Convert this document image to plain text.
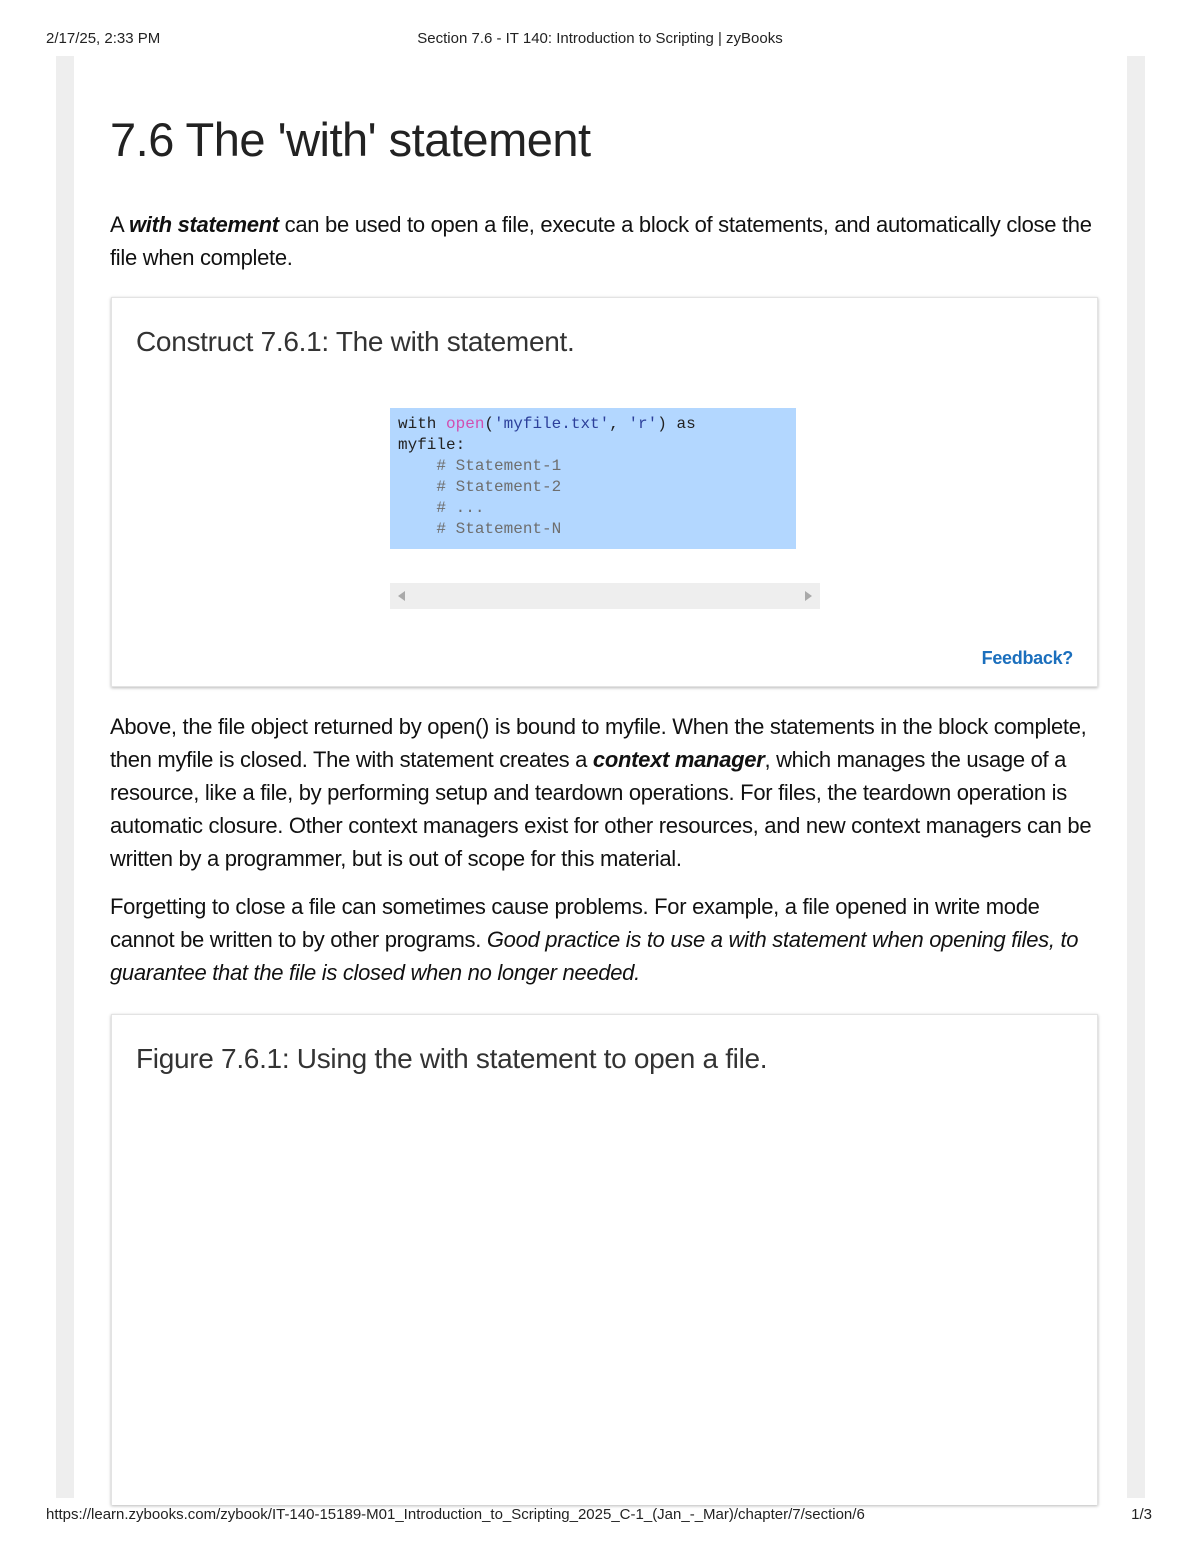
2/17/25, 2:33 PM	Section 7.6 - IT 140: Introduction to Scripting | zyBooks
7.6 The 'with' statement

A with statement can be used to open a file, execute a block of statements, and automatically close the file when complete.

Above, the file object returned by open() is bound to myfile. When the statements in the block complete, then myfile is closed. The with statement creates a context manager, which manages the usage of a resource, like a file, by performing setup and teardown operations. For files, the teardown operation is automatic closure. Other context managers exist for other resources, and new context managers can be written by a programmer, but is out of scope for this material.

Forgetting to close a file can sometimes cause problems. For example, a file opened in write mode cannot be written to by other programs. Good practice is to use a with statement when opening files, to guarantee that the file is closed when no longer needed.

Construct 7.6.1: The with statement.
with open('myfile.txt', 'r') as
myfile:
# Statement-1
# Statement-2
# ...
# Statement-N
Feedback?
Figure 7.6.1: Using the with statement to open a file.
https://learn.zybooks.com/zybook/IT-140-15189-M01_Introduction_to_Scripting_2025_C-1_(Jan_-_Mar)/chapter/7/section/6	1/3
